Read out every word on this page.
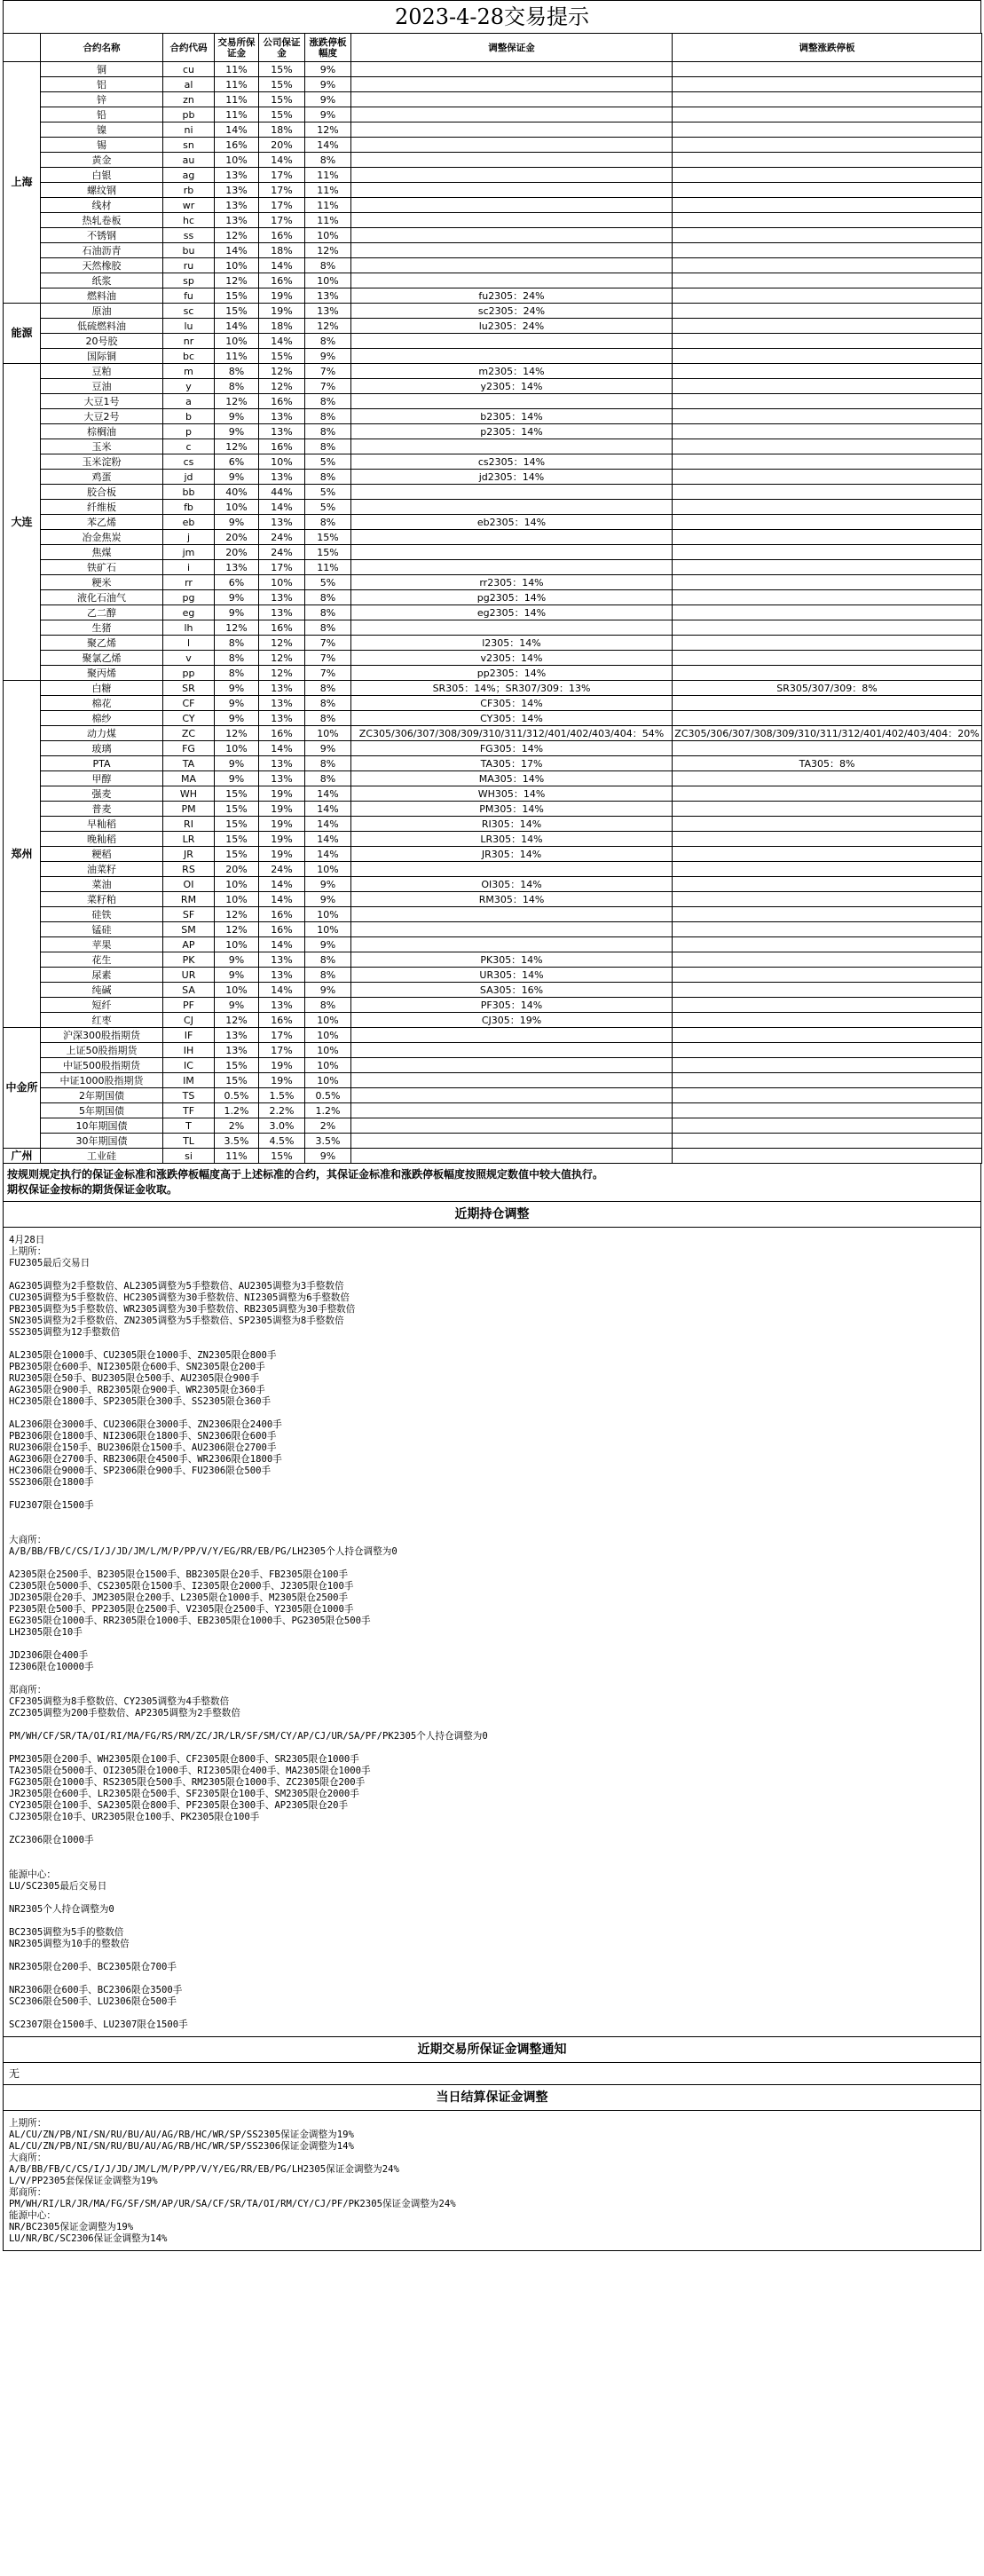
2023-4-28交易提示
	合约名称	合约代码	交易所保证金	公司保证金	涨跌停板幅度	调整保证金	调整涨跌停板
上海	铜	cu	11%	15%	9%		
	铝	al	11%	15%	9%		
	锌	zn	11%	15%	9%		
	铅	pb	11%	15%	9%		
	镍	ni	14%	18%	12%		
	锡	sn	16%	20%	14%		
	黄金	au	10%	14%	8%		
	白银	ag	13%	17%	11%		
	螺纹钢	rb	13%	17%	11%		
	线材	wr	13%	17%	11%		
	热轧卷板	hc	13%	17%	11%		
	不锈钢	ss	12%	16%	10%		
	石油沥青	bu	14%	18%	12%		
	天然橡胶	ru	10%	14%	8%		
	纸浆	sp	12%	16%	10%		
	燃料油	fu	15%	19%	13%	fu2305：24%	
能源	原油	sc	15%	19%	13%	sc2305：24%	
	低硫燃料油	lu	14%	18%	12%	lu2305：24%	
	20号胶	nr	10%	14%	8%		
	国际铜	bc	11%	15%	9%		
大连	豆粕	m	8%	12%	7%	m2305：14%	
	豆油	y	8%	12%	7%	y2305：14%	
	大豆1号	a	12%	16%	8%		
	大豆2号	b	9%	13%	8%	b2305：14%	
	棕榈油	p	9%	13%	8%	p2305：14%	
	玉米	c	12%	16%	8%		
	玉米淀粉	cs	6%	10%	5%	cs2305：14%	
	鸡蛋	jd	9%	13%	8%	jd2305：14%	
	胶合板	bb	40%	44%	5%		
	纤维板	fb	10%	14%	5%		
	苯乙烯	eb	9%	13%	8%	eb2305：14%	
	冶金焦炭	j	20%	24%	15%		
	焦煤	jm	20%	24%	15%		
	铁矿石	i	13%	17%	11%		
	粳米	rr	6%	10%	5%	rr2305：14%	
	液化石油气	pg	9%	13%	8%	pg2305：14%	
	乙二醇	eg	9%	13%	8%	eg2305：14%	
	生猪	lh	12%	16%	8%		
	聚乙烯	l	8%	12%	7%	l2305：14%	
	聚氯乙烯	v	8%	12%	7%	v2305：14%	
	聚丙烯	pp	8%	12%	7%	pp2305：14%	
郑州	白糖	SR	9%	13%	8%	SR305：14%；SR307/309：13%	SR305/307/309：8%
	棉花	CF	9%	13%	8%	CF305：14%	
	棉纱	CY	9%	13%	8%	CY305：14%	
	动力煤	ZC	12%	16%	10%	ZC305/306/307/308/309/310/311/312/401/402/403/404：54%	ZC305/306/307/308/309/310/311/312/401/402/403/404：20%
	玻璃	FG	10%	14%	9%	FG305：14%	
	PTA	TA	9%	13%	8%	TA305：17%	TA305：8%
	甲醇	MA	9%	13%	8%	MA305：14%	
	强麦	WH	15%	19%	14%	WH305：14%	
	普麦	PM	15%	19%	14%	PM305：14%	
	早籼稻	RI	15%	19%	14%	RI305：14%	
	晚籼稻	LR	15%	19%	14%	LR305：14%	
	粳稻	JR	15%	19%	14%	JR305：14%	
	油菜籽	RS	20%	24%	10%		
	菜油	OI	10%	14%	9%	OI305：14%	
	菜籽粕	RM	10%	14%	9%	RM305：14%	
	硅铁	SF	12%	16%	10%		
	锰硅	SM	12%	16%	10%		
	苹果	AP	10%	14%	9%		
	花生	PK	9%	13%	8%	PK305：14%	
	尿素	UR	9%	13%	8%	UR305：14%	
	纯碱	SA	10%	14%	9%	SA305：16%	
	短纤	PF	9%	13%	8%	PF305：14%	
	红枣	CJ	12%	16%	10%	CJ305：19%	
中金所	沪深300股指期货	IF	13%	17%	10%		
	上证50股指期货	IH	13%	17%	10%		
	中证500股指期货	IC	15%	19%	10%		
	中证1000股指期货	IM	15%	19%	10%		
	2年期国债	TS	0.5%	1.5%	0.5%		
	5年期国债	TF	1.2%	2.2%	1.2%		
	10年期国债	T	2%	3.0%	2%		
	30年期国债	TL	3.5%	4.5%	3.5%		
广州	工业硅	si	11%	15%	9%		
按规则规定执行的保证金标准和涨跌停板幅度高于上述标准的合约，其保证金标准和涨跌停板幅度按照规定数值中较大值执行。
期权保证金按标的期货保证金收取。
近期持仓调整
4月28日
上期所：
FU2305最后交易日
AG2305调整为2手整数倍、AL2305调整为5手整数倍、AU2305调整为3手整数倍
CU2305调整为5手整数倍、HC2305调整为30手整数倍、NI2305调整为6手整数倍
PB2305调整为5手整数倍、WR2305调整为30手整数倍、RB2305调整为30手整数倍
SN2305调整为2手整数倍、ZN2305调整为5手整数倍、SP2305调整为8手整数倍
SS2305调整为12手整数倍
AL2305限仓1000手、CU2305限仓1000手、ZN2305限仓800手
PB2305限仓600手、NI2305限仓600手、SN2305限仓200手
RU2305限仓50手、BU2305限仓500手、AU2305限仓900手
AG2305限仓900手、RB2305限仓900手、WR2305限仓360手
HC2305限仓1800手、SP2305限仓300手、SS2305限仓360手
AL2306限仓3000手、CU2306限仓3000手、ZN2306限仓2400手
PB2306限仓1800手、NI2306限仓1800手、SN2306限仓600手
RU2306限仓150手、BU2306限仓1500手、AU2306限仓2700手
AG2306限仓2700手、RB2306限仓4500手、WR2306限仓1800手
HC2306限仓9000手、SP2306限仓900手、FU2306限仓500手
SS2306限仓1800手
FU2307限仓1500手
大商所：
A/B/BB/FB/C/CS/I/J/JD/JM/L/M/P/PP/V/Y/EG/RR/EB/PG/LH2305个人持仓调整为0
A2305限仓2500手、B2305限仓1500手、BB2305限仓20手、FB2305限仓100手
C2305限仓5000手、CS2305限仓1500手、I2305限仓2000手、J2305限仓100手
JD2305限仓20手、JM2305限仓200手、L2305限仓1000手、M2305限仓2500手
P2305限仓500手、PP2305限仓2500手、V2305限仓2500手、Y2305限仓1000手
EG2305限仓1000手、RR2305限仓1000手、EB2305限仓1000手、PG2305限仓500手
LH2305限仓10手
JD2306限仓400手
I2306限仓10000手
郑商所：
CF2305调整为8手整数倍、CY2305调整为4手整数倍
ZC2305调整为200手整数倍、AP2305调整为2手整数倍
PM/WH/CF/SR/TA/OI/RI/MA/FG/RS/RM/ZC/JR/LR/SF/SM/CY/AP/CJ/UR/SA/PF/PK2305个人持仓调整为0
PM2305限仓200手、WH2305限仓100手、CF2305限仓800手、SR2305限仓1000手
TA2305限仓5000手、OI2305限仓1000手、RI2305限仓400手、MA2305限仓1000手
FG2305限仓1000手、RS2305限仓500手、RM2305限仓1000手、ZC2305限仓200手
JR2305限仓600手、LR2305限仓500手、SF2305限仓100手、SM2305限仓2000手
CY2305限仓100手、SA2305限仓800手、PF2305限仓300手、AP2305限仓20手
CJ2305限仓10手、UR2305限仓100手、PK2305限仓100手
ZC2306限仓1000手
能源中心：
LU/SC2305最后交易日
NR2305个人持仓调整为0
BC2305调整为5手的整数倍
NR2305调整为10手的整数倍
NR2305限仓200手、BC2305限仓700手
NR2306限仓600手、BC2306限仓3500手
SC2306限仓500手、LU2306限仓500手
SC2307限仓1500手、LU2307限仓1500手
近期交易所保证金调整通知
无
当日结算保证金调整
上期所：
AL/CU/ZN/PB/NI/SN/RU/BU/AU/AG/RB/HC/WR/SP/SS2305保证金调整为19%
AL/CU/ZN/PB/NI/SN/RU/BU/AU/AG/RB/HC/WR/SP/SS2306保证金调整为14%
大商所：
A/B/BB/FB/C/CS/I/J/JD/JM/L/M/P/PP/V/Y/EG/RR/EB/PG/LH2305保证金调整为24%
L/V/PP2305套保保证金调整为19%
郑商所：
PM/WH/RI/LR/JR/MA/FG/SF/SM/AP/UR/SA/CF/SR/TA/OI/RM/CY/CJ/PF/PK2305保证金调整为24%
能源中心：
NR/BC2305保证金调整为19%
LU/NR/BC/SC2306保证金调整为14%
